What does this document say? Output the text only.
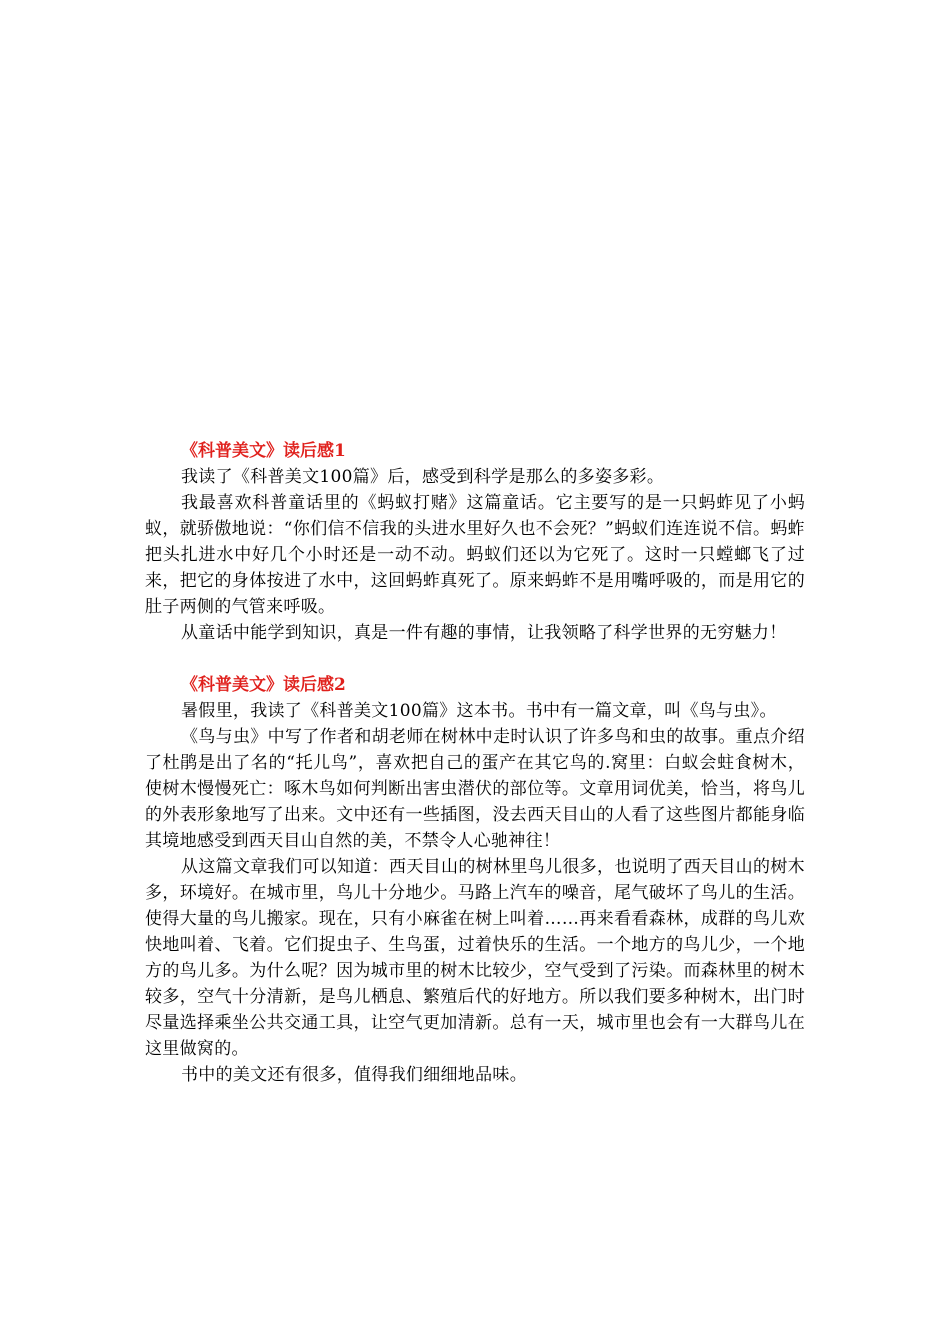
《科普美文》读后感1

我读了《科普美文100篇》后，感受到科学是那么的多姿多彩。

我最喜欢科普童话里的《蚂蚁打赌》这篇童话。它主要写的是一只蚂蚱见了小蚂蚁，就骄傲地说：“你们信不信我的头进水里好久也不会死？”蚂蚁们连连说不信。蚂蚱把头扎进水中好几个小时还是一动不动。蚂蚁们还以为它死了。这时一只螳螂飞了过来，把它的身体按进了水中，这回蚂蚱真死了。原来蚂蚱不是用嘴呼吸的，而是用它的肚子两侧的气管来呼吸。

从童话中能学到知识，真是一件有趣的事情，让我领略了科学世界的无穷魅力！

《科普美文》读后感2

暑假里，我读了《科普美文100篇》这本书。书中有一篇文章，叫《鸟与虫》。

《鸟与虫》中写了作者和胡老师在树林中走时认识了许多鸟和虫的故事。重点介绍了杜鹃是出了名的“托儿鸟”，喜欢把自己的蛋产在其它鸟的.窝里：白蚁会蛀食树木，使树木慢慢死亡：啄木鸟如何判断出害虫潜伏的部位等。文章用词优美，恰当，将鸟儿的外表形象地写了出来。文中还有一些插图，没去西天目山的人看了这些图片都能身临其境地感受到西天目山自然的美，不禁令人心驰神往！

从这篇文章我们可以知道：西天目山的树林里鸟儿很多，也说明了西天目山的树木多，环境好。在城市里，鸟儿十分地少。马路上汽车的噪音，尾气破坏了鸟儿的生活。使得大量的鸟儿搬家。现在，只有小麻雀在树上叫着……再来看看森林，成群的鸟儿欢快地叫着、飞着。它们捉虫子、生鸟蛋，过着快乐的生活。一个地方的鸟儿少，一个地方的鸟儿多。为什么呢？因为城市里的树木比较少，空气受到了污染。而森林里的树木较多，空气十分清新，是鸟儿栖息、繁殖后代的好地方。所以我们要多种树木，出门时尽量选择乘坐公共交通工具，让空气更加清新。总有一天，城市里也会有一大群鸟儿在这里做窝的。

书中的美文还有很多，值得我们细细地品味。
